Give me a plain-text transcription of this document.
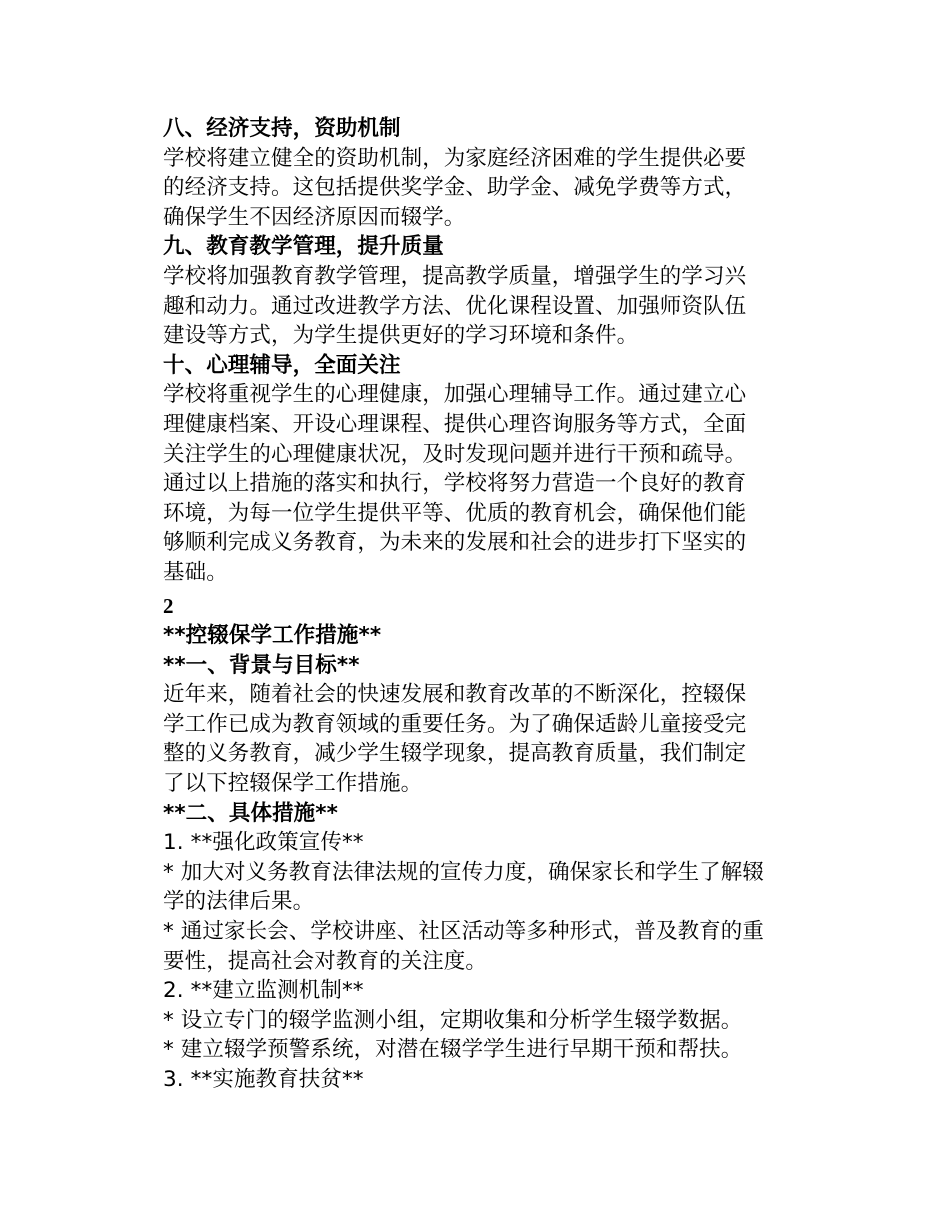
八、经济支持，资助机制
学校将建立健全的资助机制，为家庭经济困难的学生提供必要
的经济支持。这包括提供奖学金、助学金、减免学费等方式，
确保学生不因经济原因而辍学。
九、教育教学管理，提升质量
学校将加强教育教学管理，提高教学质量，增强学生的学习兴
趣和动力。通过改进教学方法、优化课程设置、加强师资队伍
建设等方式，为学生提供更好的学习环境和条件。
十、心理辅导，全面关注
学校将重视学生的心理健康，加强心理辅导工作。通过建立心
理健康档案、开设心理课程、提供心理咨询服务等方式，全面
关注学生的心理健康状况，及时发现问题并进行干预和疏导。
通过以上措施的落实和执行，学校将努力营造一个良好的教育
环境，为每一位学生提供平等、优质的教育机会，确保他们能
够顺利完成义务教育，为未来的发展和社会的进步打下坚实的
基础。
2
**控辍保学工作措施**
**一、背景与目标**
近年来，随着社会的快速发展和教育改革的不断深化，控辍保
学工作已成为教育领域的重要任务。为了确保适龄儿童接受完
整的义务教育，减少学生辍学现象，提高教育质量，我们制定
了以下控辍保学工作措施。
**二、具体措施**
1. **强化政策宣传**
* 加大对义务教育法律法规的宣传力度，确保家长和学生了解辍
学的法律后果。
* 通过家长会、学校讲座、社区活动等多种形式，普及教育的重
要性，提高社会对教育的关注度。
2. **建立监测机制**
* 设立专门的辍学监测小组，定期收集和分析学生辍学数据。
* 建立辍学预警系统，对潜在辍学学生进行早期干预和帮扶。
3. **实施教育扶贫**
